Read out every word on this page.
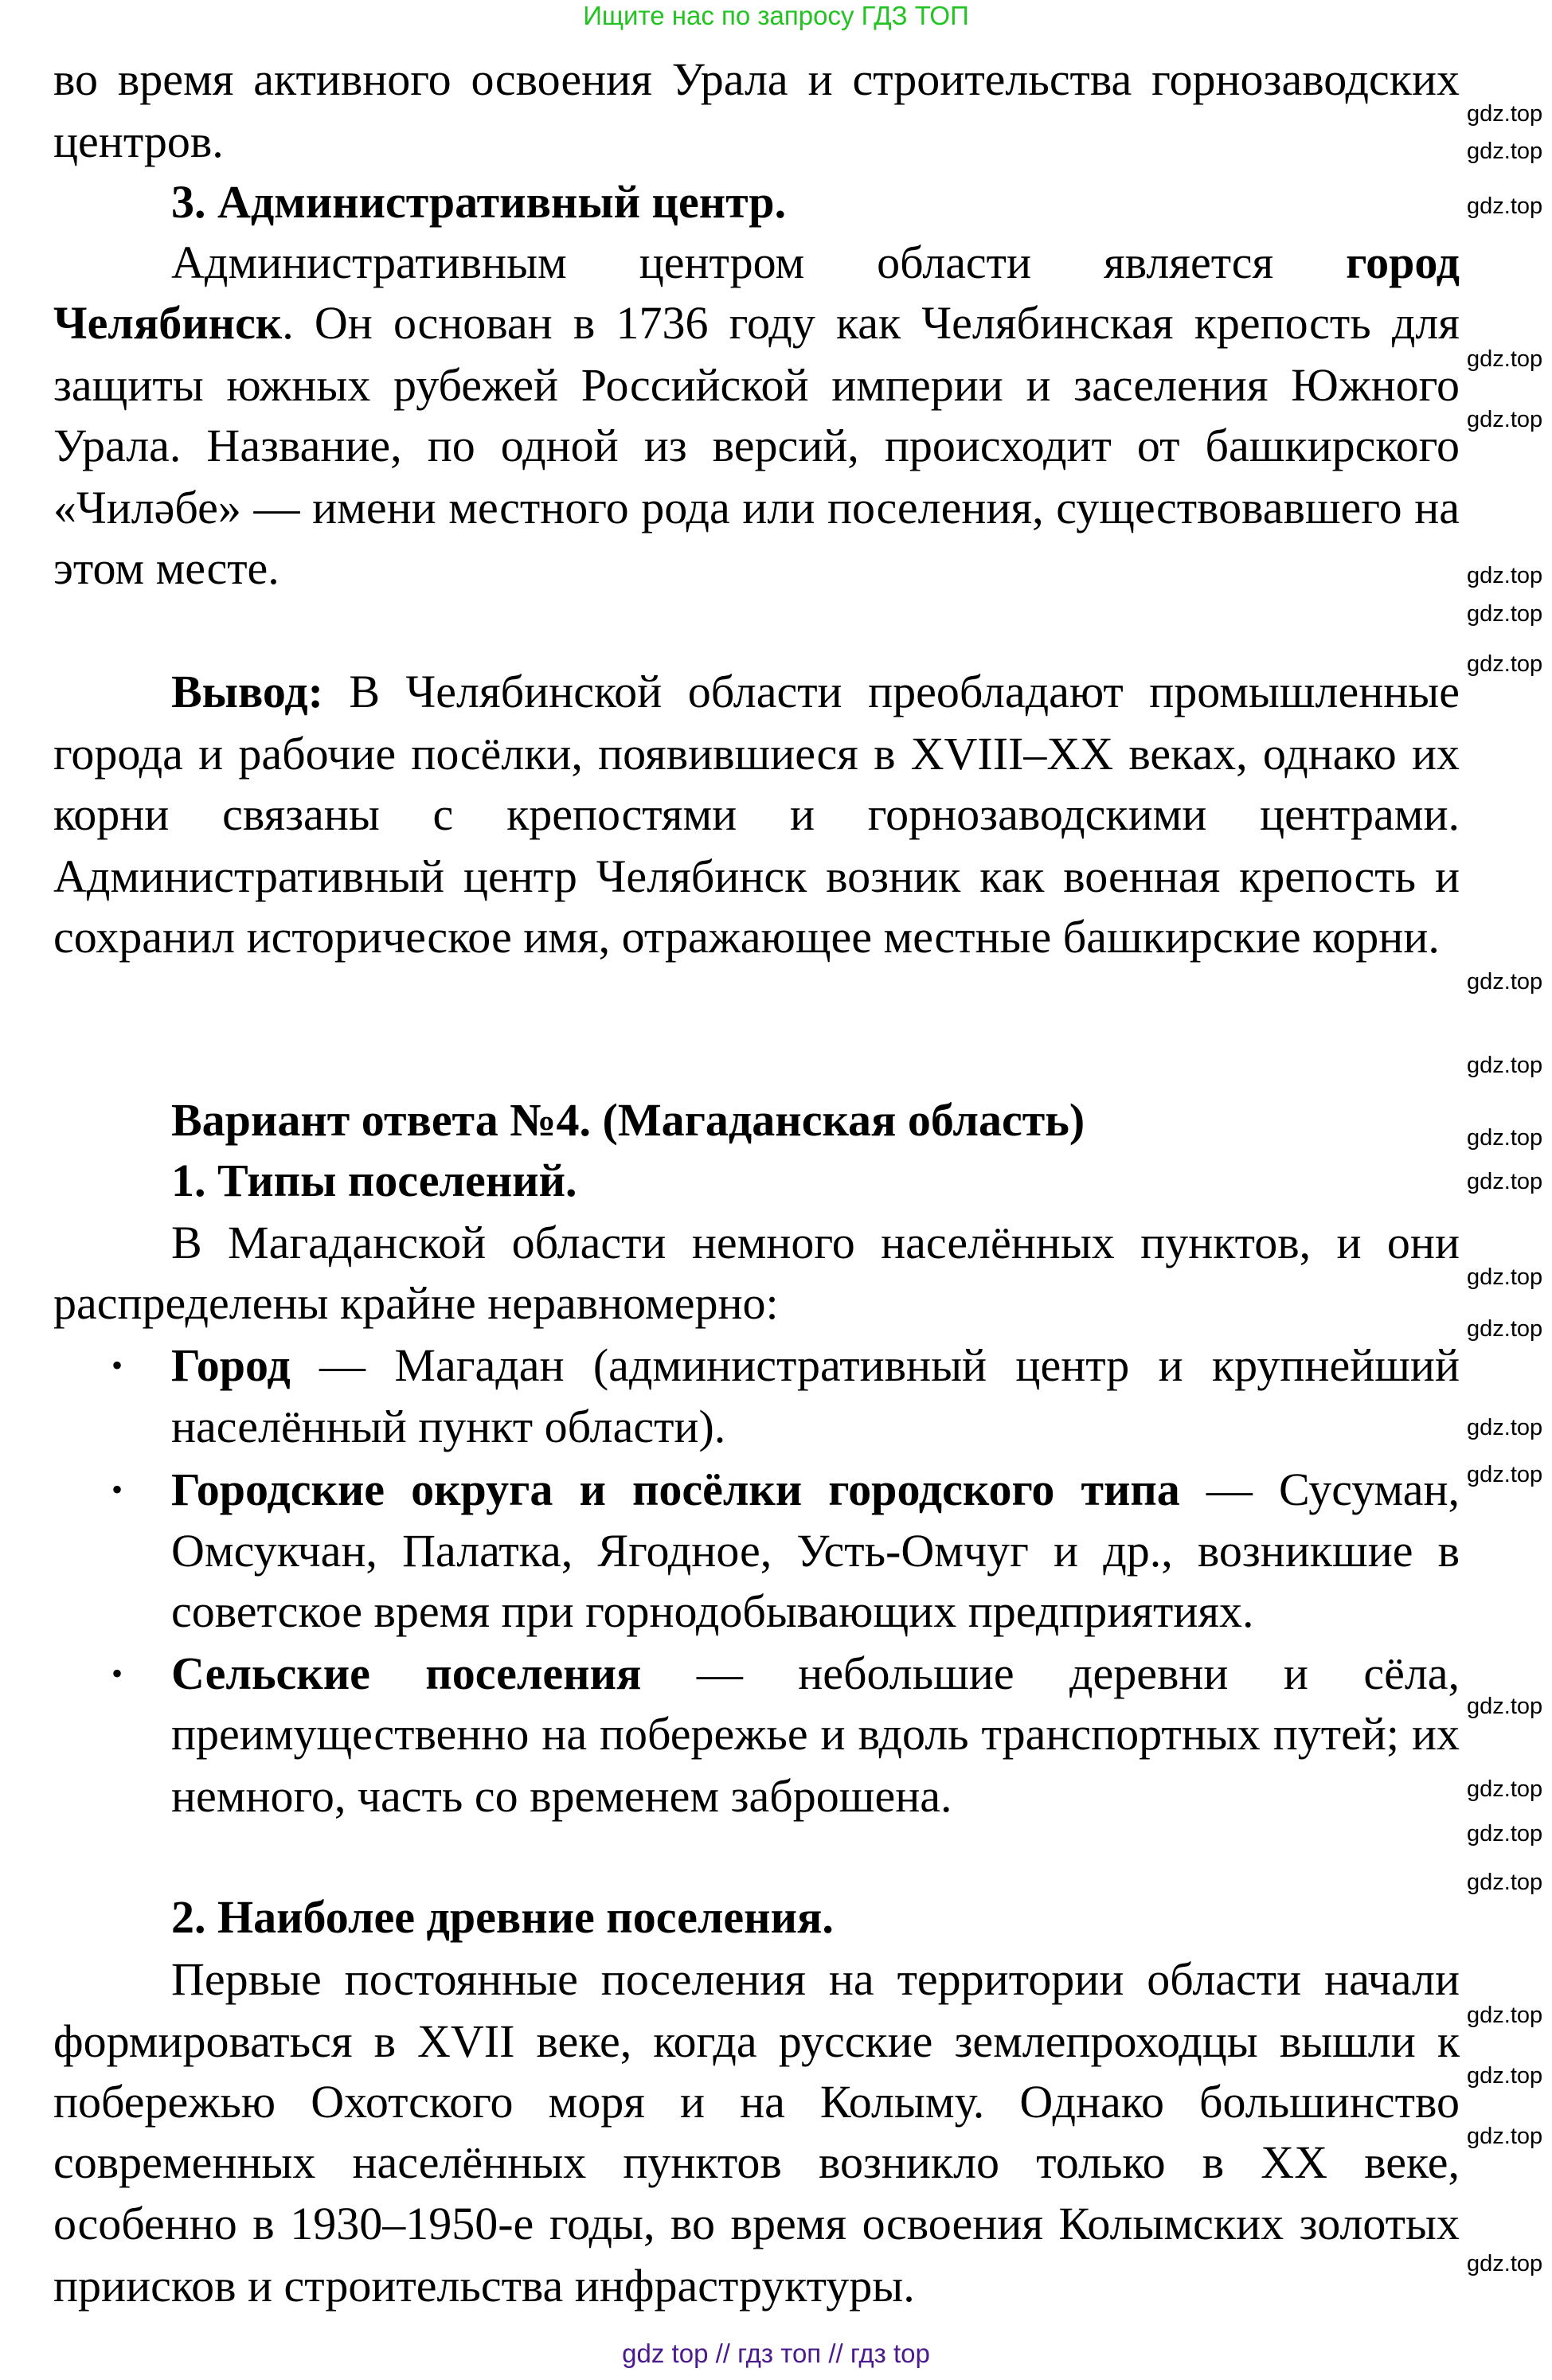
Ищите нас по запросу ГДЗ ТОП
во время активного освоения Урала и строительства горнозаводских
центров.
3. Административный центр.
Административным центром области является город
Челябинск. Он основан в 1736 году как Челябинская крепость для
защиты южных рубежей Российской империи и заселения Южного
Урала. Название, по одной из версий, происходит от башкирского
«Чиләбе» — имени местного рода или поселения, существовавшего на
этом месте.
Вывод: В Челябинской области преобладают промышленные
города и рабочие посёлки, появившиеся в XVIII–XX веках, однако их
корни связаны с крепостями и горнозаводскими центрами.
Административный центр Челябинск возник как военная крепость и
сохранил историческое имя, отражающее местные башкирские корни.
Вариант ответа №4. (Магаданская область)
1. Типы поселений.
В Магаданской области немного населённых пунктов, и они
распределены крайне неравномерно:
Город — Магадан (административный центр и крупнейший
•
населённый пункт области).
Городские округа и посёлки городского типа — Сусуман,
•
Омсукчан, Палатка, Ягодное, Усть-Омчуг и др., возникшие в
советское время при горнодобывающих предприятиях.
Сельские поселения — небольшие деревни и сёла,
•
преимущественно на побережье и вдоль транспортных путей; их
немного, часть со временем заброшена.
2. Наиболее древние поселения.
Первые постоянные поселения на территории области начали
формироваться в XVII веке, когда русские землепроходцы вышли к
побережью Охотского моря и на Колыму. Однако большинство
современных населённых пунктов возникло только в XX веке,
особенно в 1930–1950-е годы, во время освоения Колымских золотых
приисков и строительства инфраструктуры.
gdz.top
gdz.top
gdz.top
gdz.top
gdz.top
gdz.top
gdz.top
gdz.top
gdz.top
gdz.top
gdz.top
gdz.top
gdz.top
gdz.top
gdz.top
gdz.top
gdz.top
gdz.top
gdz.top
gdz.top
gdz.top
gdz.top
gdz.top
gdz.top
gdz top // гдз топ // гдз top
